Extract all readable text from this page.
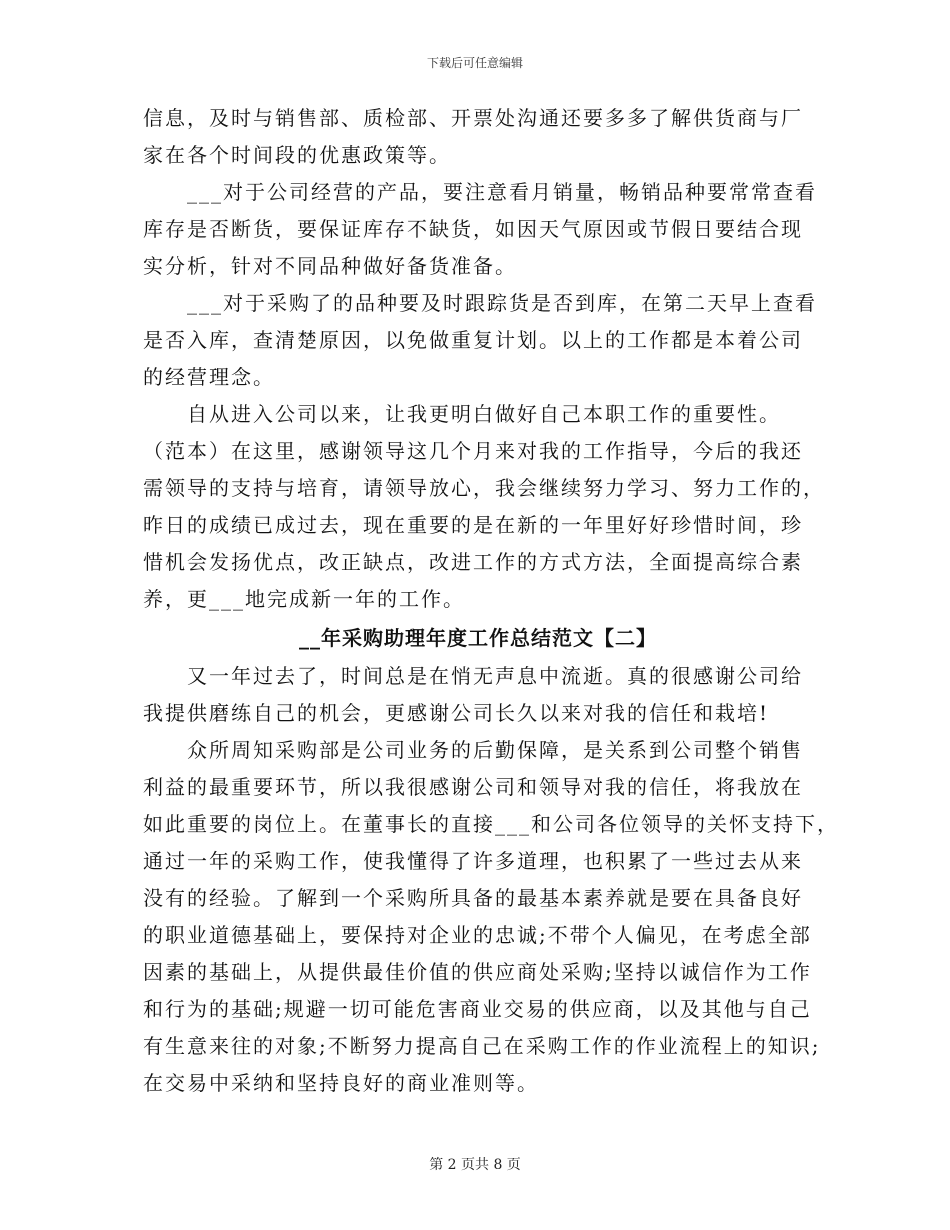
下载后可任意编辑
信息，及时与销售部、质检部、开票处沟通还要多多了解供货商与厂
家在各个时间段的优惠政策等。
___对于公司经营的产品，要注意看月销量，畅销品种要常常查看
库存是否断货，要保证库存不缺货，如因天气原因或节假日要结合现
实分析，针对不同品种做好备货准备。
___对于采购了的品种要及时跟踪货是否到库，在第二天早上查看
是否入库，查清楚原因，以免做重复计划。以上的工作都是本着公司
的经营理念。
自从进入公司以来，让我更明白做好自己本职工作的重要性。
（范本）在这里，感谢领导这几个月来对我的工作指导，今后的我还
需领导的支持与培育，请领导放心，我会继续努力学习、努力工作的，
昨日的成绩已成过去，现在重要的是在新的一年里好好珍惜时间，珍
惜机会发扬优点，改正缺点，改进工作的方式方法，全面提高综合素
养，更___地完成新一年的工作。
__年采购助理年度工作总结范文【二】
又一年过去了，时间总是在悄无声息中流逝。真的很感谢公司给
我提供磨练自己的机会，更感谢公司长久以来对我的信任和栽培!
众所周知采购部是公司业务的后勤保障，是关系到公司整个销售
利益的最重要环节，所以我很感谢公司和领导对我的信任，将我放在
如此重要的岗位上。在董事长的直接___和公司各位领导的关怀支持下，
通过一年的采购工作，使我懂得了许多道理，也积累了一些过去从来
没有的经验。了解到一个采购所具备的最基本素养就是要在具备良好
的职业道德基础上，要保持对企业的忠诚;不带个人偏见，在考虑全部
因素的基础上，从提供最佳价值的供应商处采购;坚持以诚信作为工作
和行为的基础;规避一切可能危害商业交易的供应商，以及其他与自己
有生意来往的对象;不断努力提高自己在采购工作的作业流程上的知识;
在交易中采纳和坚持良好的商业准则等。
第 2 页共 8 页
